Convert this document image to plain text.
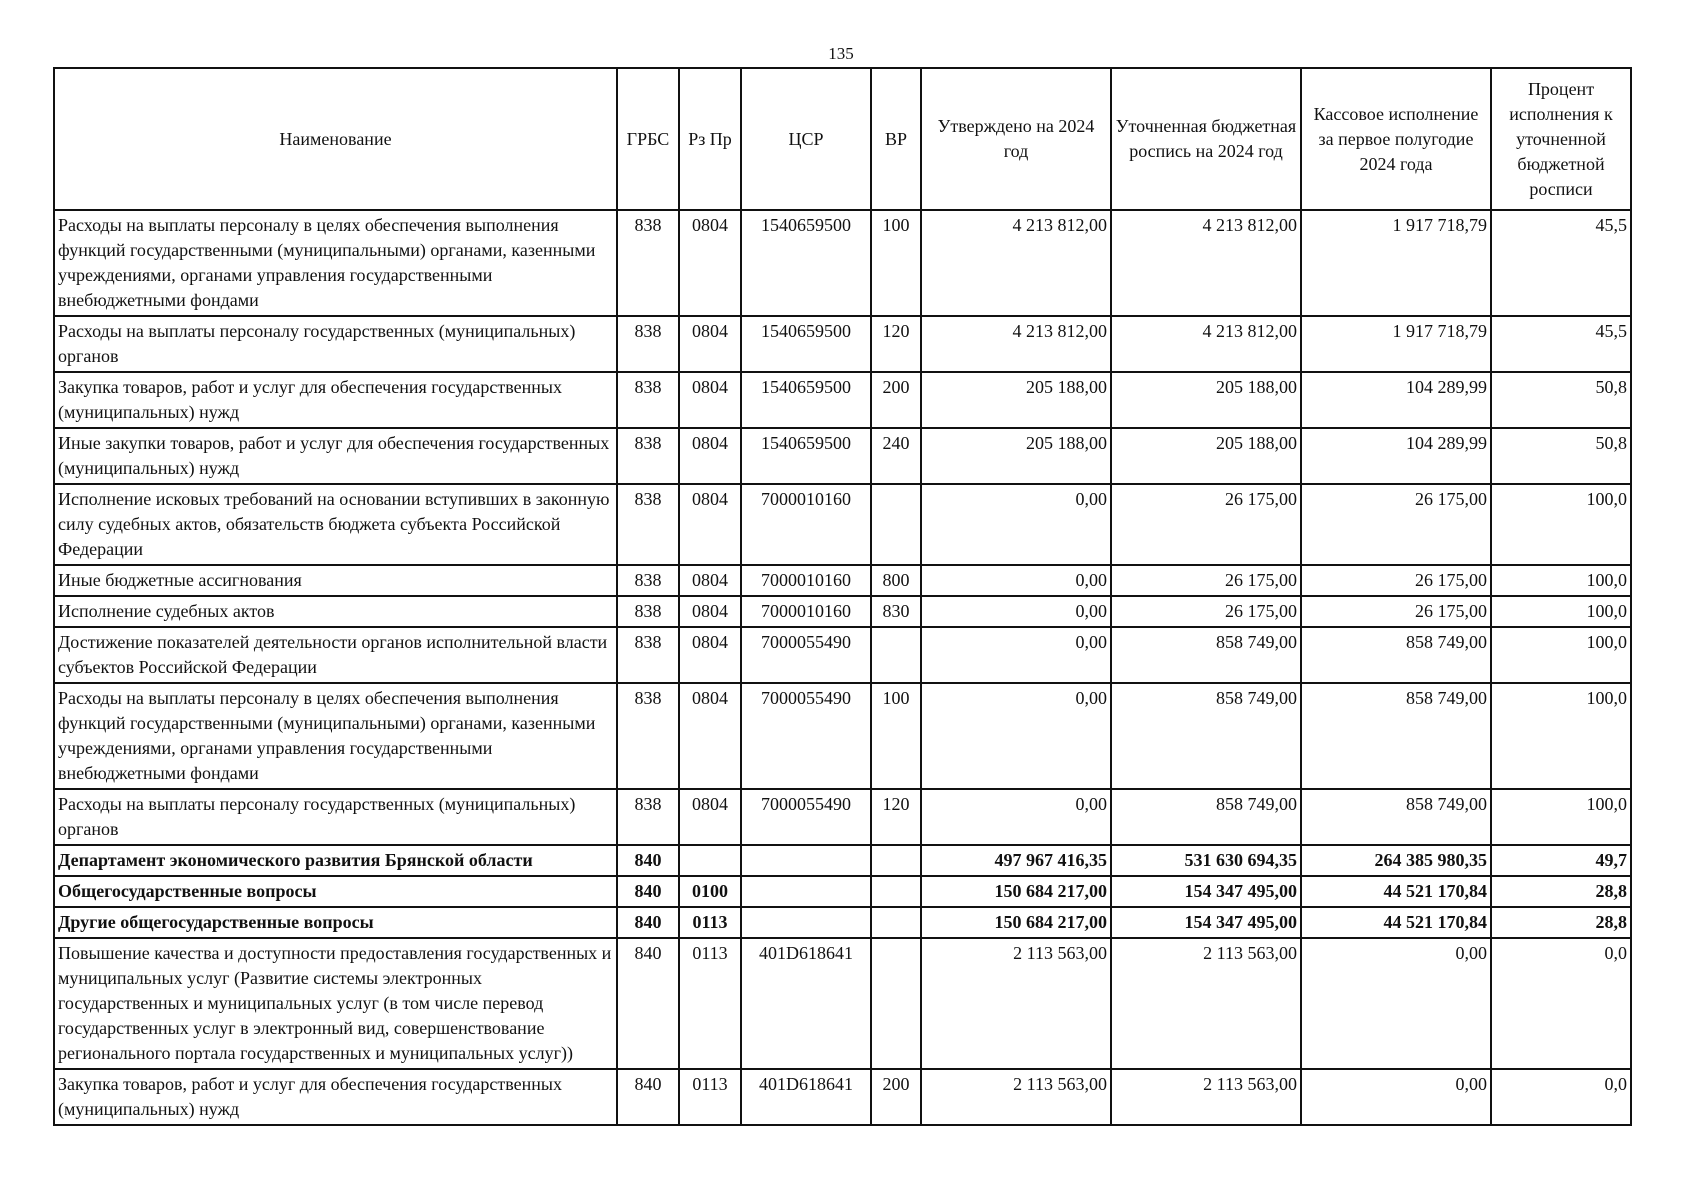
135
Наименование	ГРБС	Рз Пр	ЦСР	ВР	Утверждено на 2024 год	Уточненная бюджетная роспись на 2024 год	Кассовое исполнение за первое полугодие 2024 года	Процент исполнения к уточненной бюджетной росписи
Расходы на выплаты персоналу в целях обеспечения выполнения функций государственными (муниципальными) органами, казенными учреждениями, органами управления государственными внебюджетными фондами	838	0804	1540659500	100	4 213 812,00	4 213 812,00	1 917 718,79	45,5
Расходы на выплаты персоналу государственных (муниципальных) органов	838	0804	1540659500	120	4 213 812,00	4 213 812,00	1 917 718,79	45,5
Закупка товаров, работ и услуг для обеспечения государственных (муниципальных) нужд	838	0804	1540659500	200	205 188,00	205 188,00	104 289,99	50,8
Иные закупки товаров, работ и услуг для обеспечения государственных (муниципальных) нужд	838	0804	1540659500	240	205 188,00	205 188,00	104 289,99	50,8
Исполнение исковых требований на основании вступивших в законную силу судебных актов, обязательств бюджета субъекта Российской Федерации	838	0804	7000010160		0,00	26 175,00	26 175,00	100,0
Иные бюджетные ассигнования	838	0804	7000010160	800	0,00	26 175,00	26 175,00	100,0
Исполнение судебных актов	838	0804	7000010160	830	0,00	26 175,00	26 175,00	100,0
Достижение показателей деятельности органов исполнительной власти субъектов Российской Федерации	838	0804	7000055490		0,00	858 749,00	858 749,00	100,0
Расходы на выплаты персоналу в целях обеспечения выполнения функций государственными (муниципальными) органами, казенными учреждениями, органами управления государственными внебюджетными фондами	838	0804	7000055490	100	0,00	858 749,00	858 749,00	100,0
Расходы на выплаты персоналу государственных (муниципальных) органов	838	0804	7000055490	120	0,00	858 749,00	858 749,00	100,0
Департамент экономического развития Брянской области	840				497 967 416,35	531 630 694,35	264 385 980,35	49,7
Общегосударственные вопросы	840	0100			150 684 217,00	154 347 495,00	44 521 170,84	28,8
Другие общегосударственные вопросы	840	0113			150 684 217,00	154 347 495,00	44 521 170,84	28,8
Повышение качества и доступности предоставления государственных и муниципальных услуг (Развитие системы электронных государственных и муниципальных услуг (в том числе перевод государственных услуг в электронный вид, совершенствование регионального портала государственных и муниципальных услуг))	840	0113	401D618641		2 113 563,00	2 113 563,00	0,00	0,0
Закупка товаров, работ и услуг для обеспечения государственных (муниципальных) нужд	840	0113	401D618641	200	2 113 563,00	2 113 563,00	0,00	0,0
